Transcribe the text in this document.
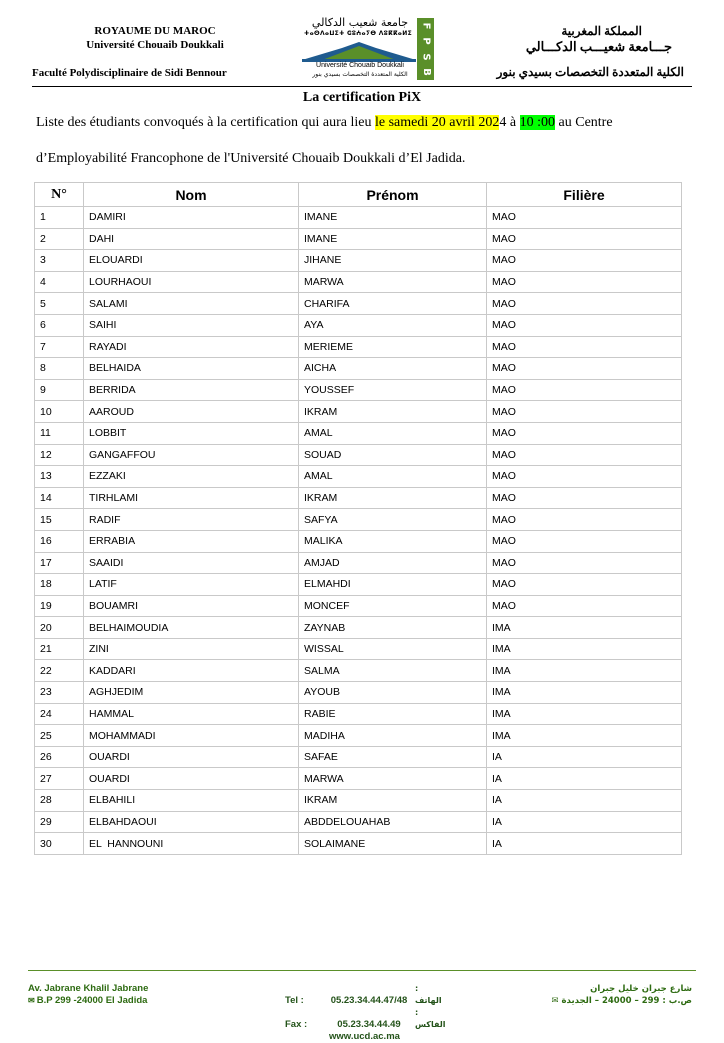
ROYAUME DU MAROC
Université Chouaib Doukkali
Faculté Polydisciplinaire de Sidi Bennour
جامعة شعيب الدكالي
ⵜⴰⵙⴷⴰⵡⵉⵜ ⵛⵓⵄⴰⵢⴱ ⴷⵓⴽⴽⴰⵍⵉ
Université Chouaib Doukkali
الكلية المتعددة التخصصات بسيدي بنور
F
P
S
B
المملكة المغربية
جـــامعة شعيـــب الدكـــالي
الكلية المتعددة التخصصات بسيدي بنور
La certification PiX
Liste des étudiants convoqués à la certification qui aura lieu le samedi 20 avril 2024 à 10 :00 au Centre
d’Employabilité Francophone de l'Université Chouaib Doukkali d’El Jadida.
N°	Nom	Prénom	Filière
1	DAMIRI	IMANE	MAO
2	DAHI	IMANE	MAO
3	ELOUARDI	JIHANE	MAO
4	LOURHAOUI	MARWA	MAO
5	SALAMI	CHARIFA	MAO
6	SAIHI	AYA	MAO
7	RAYADI	MERIEME	MAO
8	BELHAIDA	AICHA	MAO
9	BERRIDA	YOUSSEF	MAO
10	AAROUD	IKRAM	MAO
11	LOBBIT	AMAL	MAO
12	GANGAFFOU	SOUAD	MAO
13	EZZAKI	AMAL	MAO
14	TIRHLAMI	IKRAM	MAO
15	RADIF	SAFYA	MAO
16	ERRABIA	MALIKA	MAO
17	SAAIDI	AMJAD	MAO
18	LATIF	ELMAHDI	MAO
19	BOUAMRI	MONCEF	MAO
20	BELHAIMOUDIA	ZAYNAB	IMA
21	ZINI	WISSAL	IMA
22	KADDARI	SALMA	IMA
23	AGHJEDIM	AYOUB	IMA
24	HAMMAL	RABIE	IMA
25	MOHAMMADI	MADIHA	IMA
26	OUARDI	SAFAE	IA
27	OUARDI	MARWA	IA
28	ELBAHILI	IKRAM	IA
29	ELBAHDAOUI	ABDDELOUAHAB	IA
30	EL  HANNOUNI	SOLAIMANE	IA
Av. Jabrane Khalil Jabrane
✉ B.P 299 -24000 El Jadida	Tel :	05.23.34.44.47/48: الهاتف
Fax :	05.23.34.44.49: الفاكس
www.ucd.ac.ma
شارع جبران خليل جبران
ص.ب : 299 – 24000 – الجديدة ✉
